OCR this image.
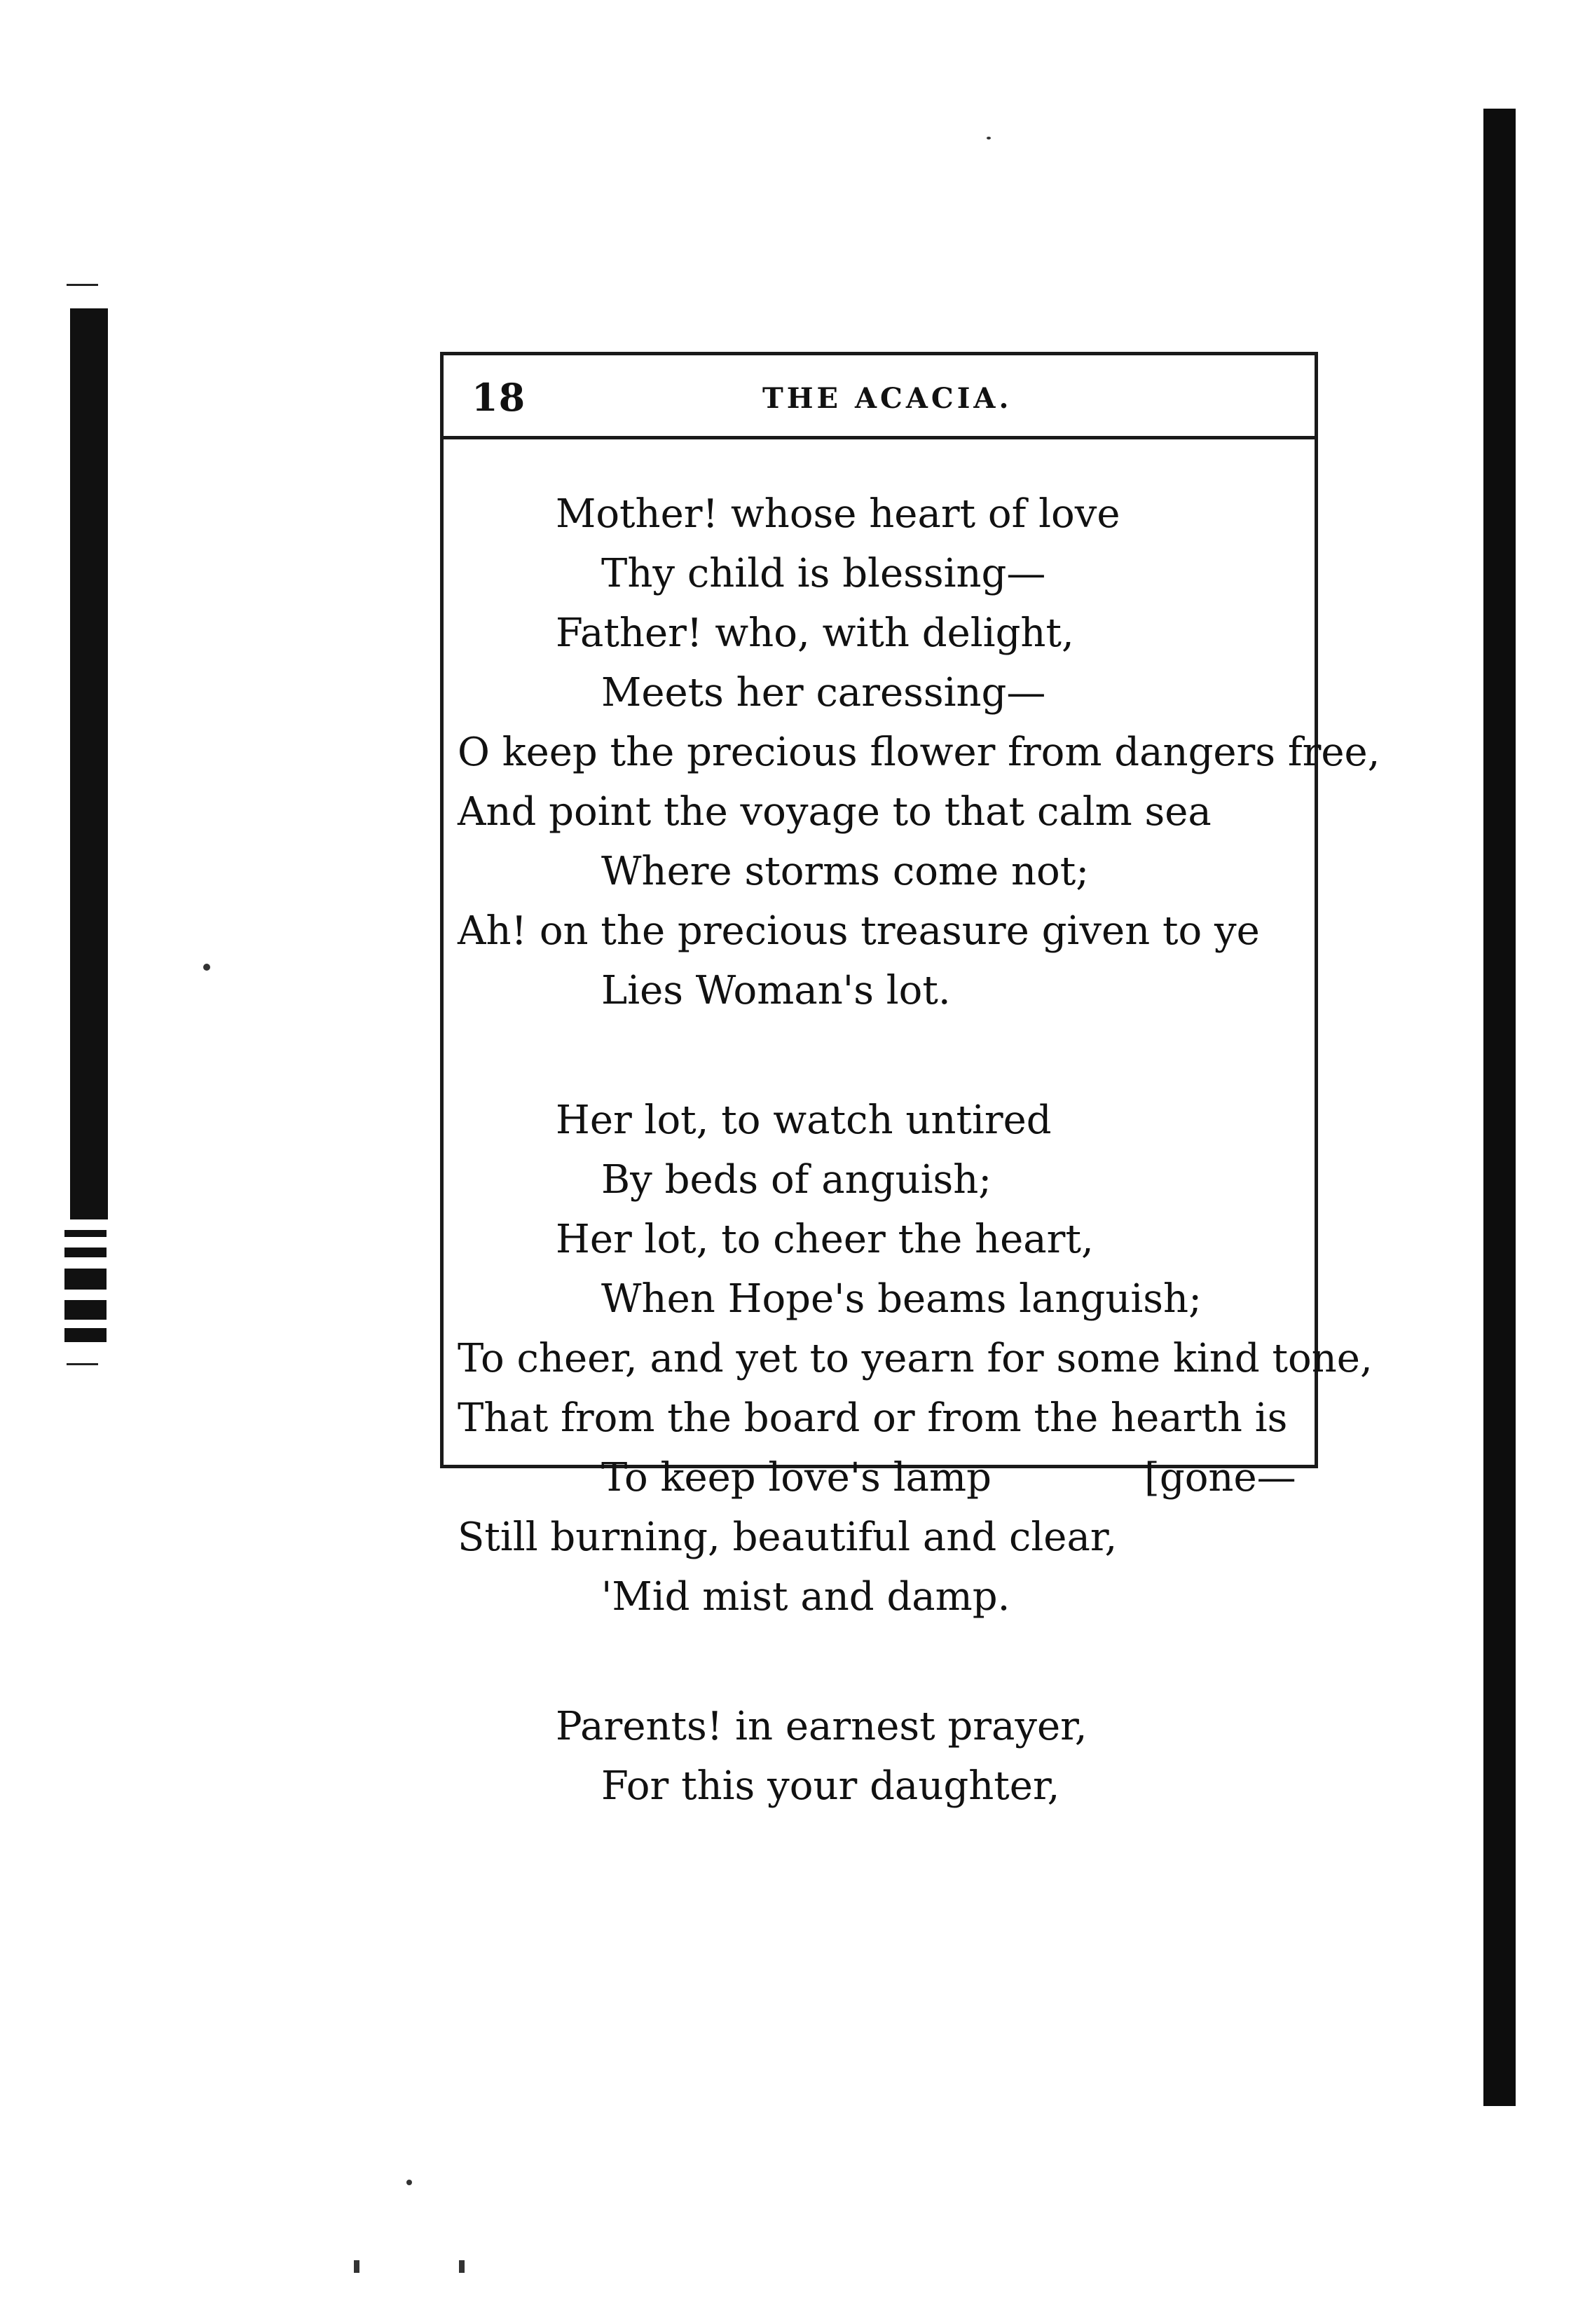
18	THE ACACIA.
Mother! whose heart of love
Thy child is blessing—
Father! who, with delight,
Meets her caressing—
O keep the precious flower from dangers free,
And point the voyage to that calm sea
Where storms come not;
Ah! on the precious treasure given to ye
Lies Woman's lot.
Her lot, to watch untired
By beds of anguish;
Her lot, to cheer the heart,
When Hope's beams languish;
To cheer, and yet to yearn for some kind tone,
That from the board or from the hearth is
To keep love's lamp	[gone—
Still burning, beautiful and clear,
'Mid mist and damp.
Parents! in earnest prayer,
For this your daughter,
